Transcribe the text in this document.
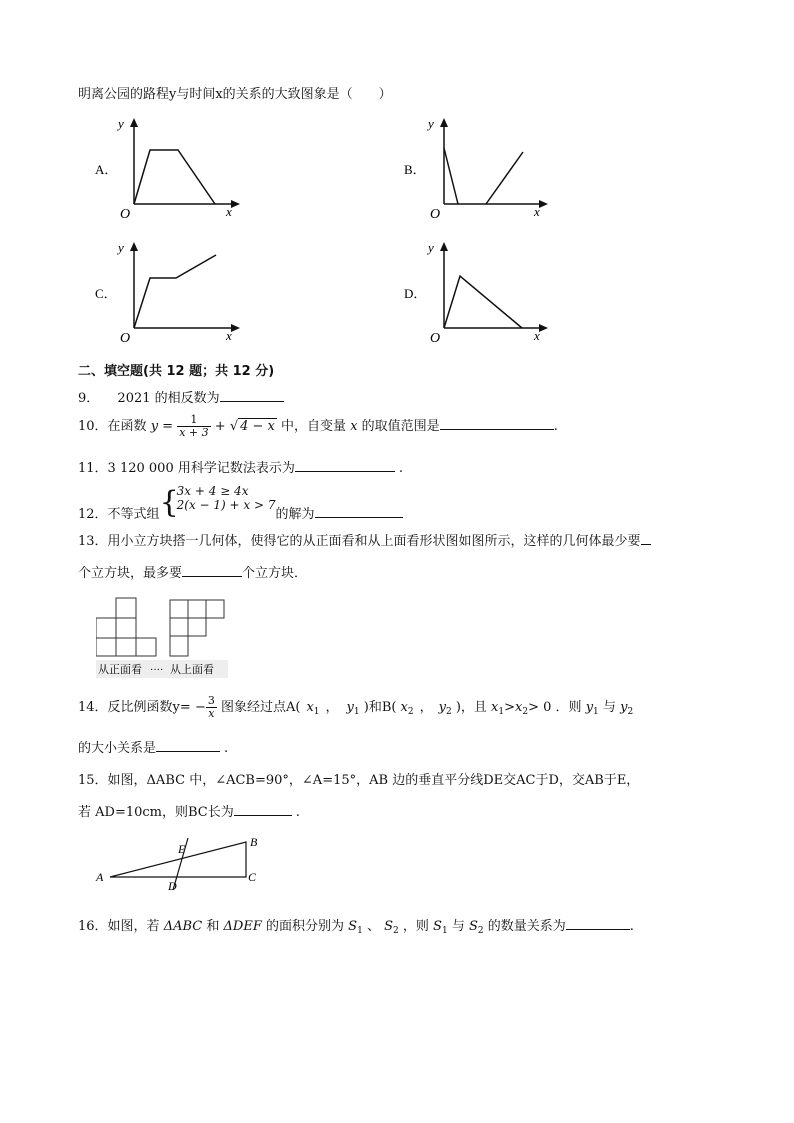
明离公园的路程y与时间x的关系的大致图象是（　　）
y
x
O
A．
y
x
O
B．
y
x
O
C．
y
x
O
D．
二、填空题(共 12 题；共 12 分)
9． 2021 的相反数为
10．在函数 $y = \frac{1}{x + 3}$ + √ 4 − x 中，自变量 x 的取值范围是	.
11．3 120 000 用科学记数法表示为	.
12．不等式组{
3x + 4 ≥ 4x
2(x − 1) + x > 7
的解为
13．用小立方块搭一几何体，使得它的从正面看和从上面看形状图如图所示，这样的几何体最少要
个立方块，最多要	个立方块．
从正面看 ···· 从上面看
14．反比例函数$y= - \frac{3}{x}$ 图象经过点A( $x_1$ ， $y_1$ )和B( $x_2$ ， $y_2$ )，且 $x_1>x_2> 0$ ．则 $y_1$ 与 $y_2$
的大小关系是	.
15．如图，ΔABC 中，∠ACB=90°，∠A=15°，AB 边的垂直平分线DE交AC于D，交AB于E，
若 AD=10cm，则BC长为	.
A
B
C
D
E
16．如图，若 ΔABC 和 ΔDEF 的面积分别为 $S_1$ 、 $S_2$ ，则 $S_1$ 与 $S_2$ 的数量关系为	.
